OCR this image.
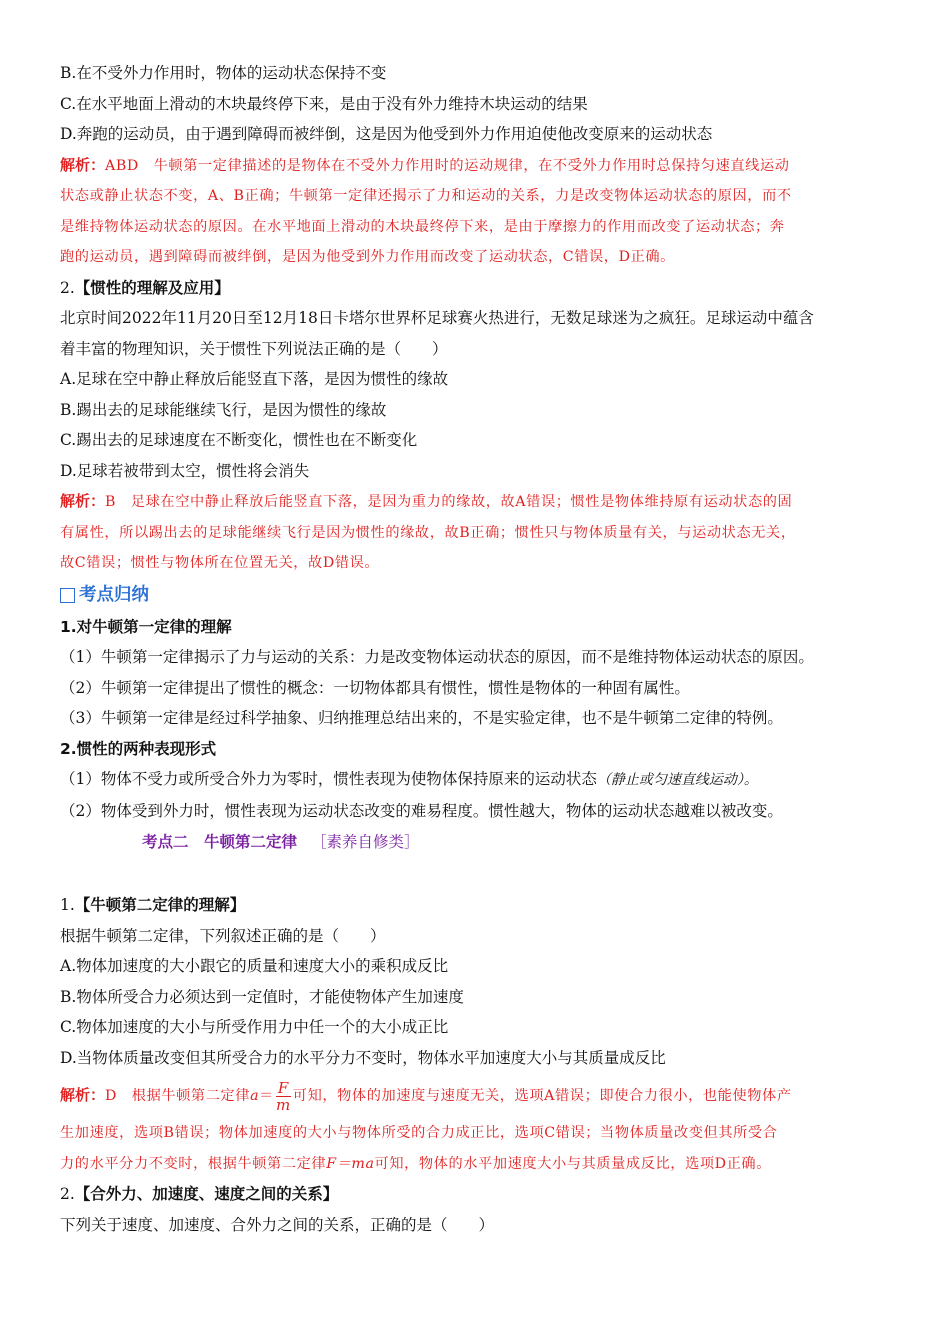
B.在不受外力作用时，物体的运动状态保持不变
C.在水平地面上滑动的木块最终停下来，是由于没有外力维持木块运动的结果
D.奔跑的运动员，由于遇到障碍而被绊倒，这是因为他受到外力作用迫使他改变原来的运动状态
解析：ABD　牛顿第一定律描述的是物体在不受外力作用时的运动规律，在不受外力作用时总保持匀速直线运动
状态或静止状态不变，A、B正确；牛顿第一定律还揭示了力和运动的关系，力是改变物体运动状态的原因，而不
是维持物体运动状态的原因。在水平地面上滑动的木块最终停下来，是由于摩擦力的作用而改变了运动状态；奔
跑的运动员，遇到障碍而被绊倒，是因为他受到外力作用而改变了运动状态，C错误，D正确。
2.【惯性的理解及应用】
北京时间2022年11月20日至12月18日卡塔尔世界杯足球赛火热进行，无数足球迷为之疯狂。足球运动中蕴含
着丰富的物理知识，关于惯性下列说法正确的是（　　）
A.足球在空中静止释放后能竖直下落，是因为惯性的缘故
B.踢出去的足球能继续飞行，是因为惯性的缘故
C.踢出去的足球速度在不断变化，惯性也在不断变化
D.足球若被带到太空，惯性将会消失
解析：B　足球在空中静止释放后能竖直下落，是因为重力的缘故，故A错误；惯性是物体维持原有运动状态的固
有属性，所以踢出去的足球能继续飞行是因为惯性的缘故，故B正确；惯性只与物体质量有关，与运动状态无关，
故C错误；惯性与物体所在位置无关，故D错误。
考点归纳
1.对牛顿第一定律的理解
（1）牛顿第一定律揭示了力与运动的关系：力是改变物体运动状态的原因，而不是维持物体运动状态的原因。
（2）牛顿第一定律提出了惯性的概念：一切物体都具有惯性，惯性是物体的一种固有属性。
（3）牛顿第一定律是经过科学抽象、归纳推理总结出来的，不是实验定律，也不是牛顿第二定律的特例。
2.惯性的两种表现形式
（1）物体不受力或所受合外力为零时，惯性表现为使物体保持原来的运动状态（静止或匀速直线运动）。
（2）物体受到外力时，惯性表现为运动状态改变的难易程度。惯性越大，物体的运动状态越难以被改变。
考点二　牛顿第二定律 ［素养自修类］
1.【牛顿第二定律的理解】
根据牛顿第二定律，下列叙述正确的是（　　）
A.物体加速度的大小跟它的质量和速度大小的乘积成反比
B.物体所受合力必须达到一定值时，才能使物体产生加速度
C.物体加速度的大小与所受作用力中任一个的大小成正比
D.当物体质量改变但其所受合力的水平分力不变时，物体水平加速度大小与其质量成反比
解析：D　根据牛顿第二定律$a= \frac{F}{m}$ 可知，物体的加速度与速度无关，选项A错误；即使合力很小，也能使物体产
生加速度，选项B错误；物体加速度的大小与物体所受的合力成正比，选项C错误；当物体质量改变但其所受合
力的水平分力不变时，根据牛顿第二定律F＝ma可知，物体的水平加速度大小与其质量成反比，选项D正确。
2.【合外力、加速度、速度之间的关系】
下列关于速度、加速度、合外力之间的关系，正确的是（　　）
